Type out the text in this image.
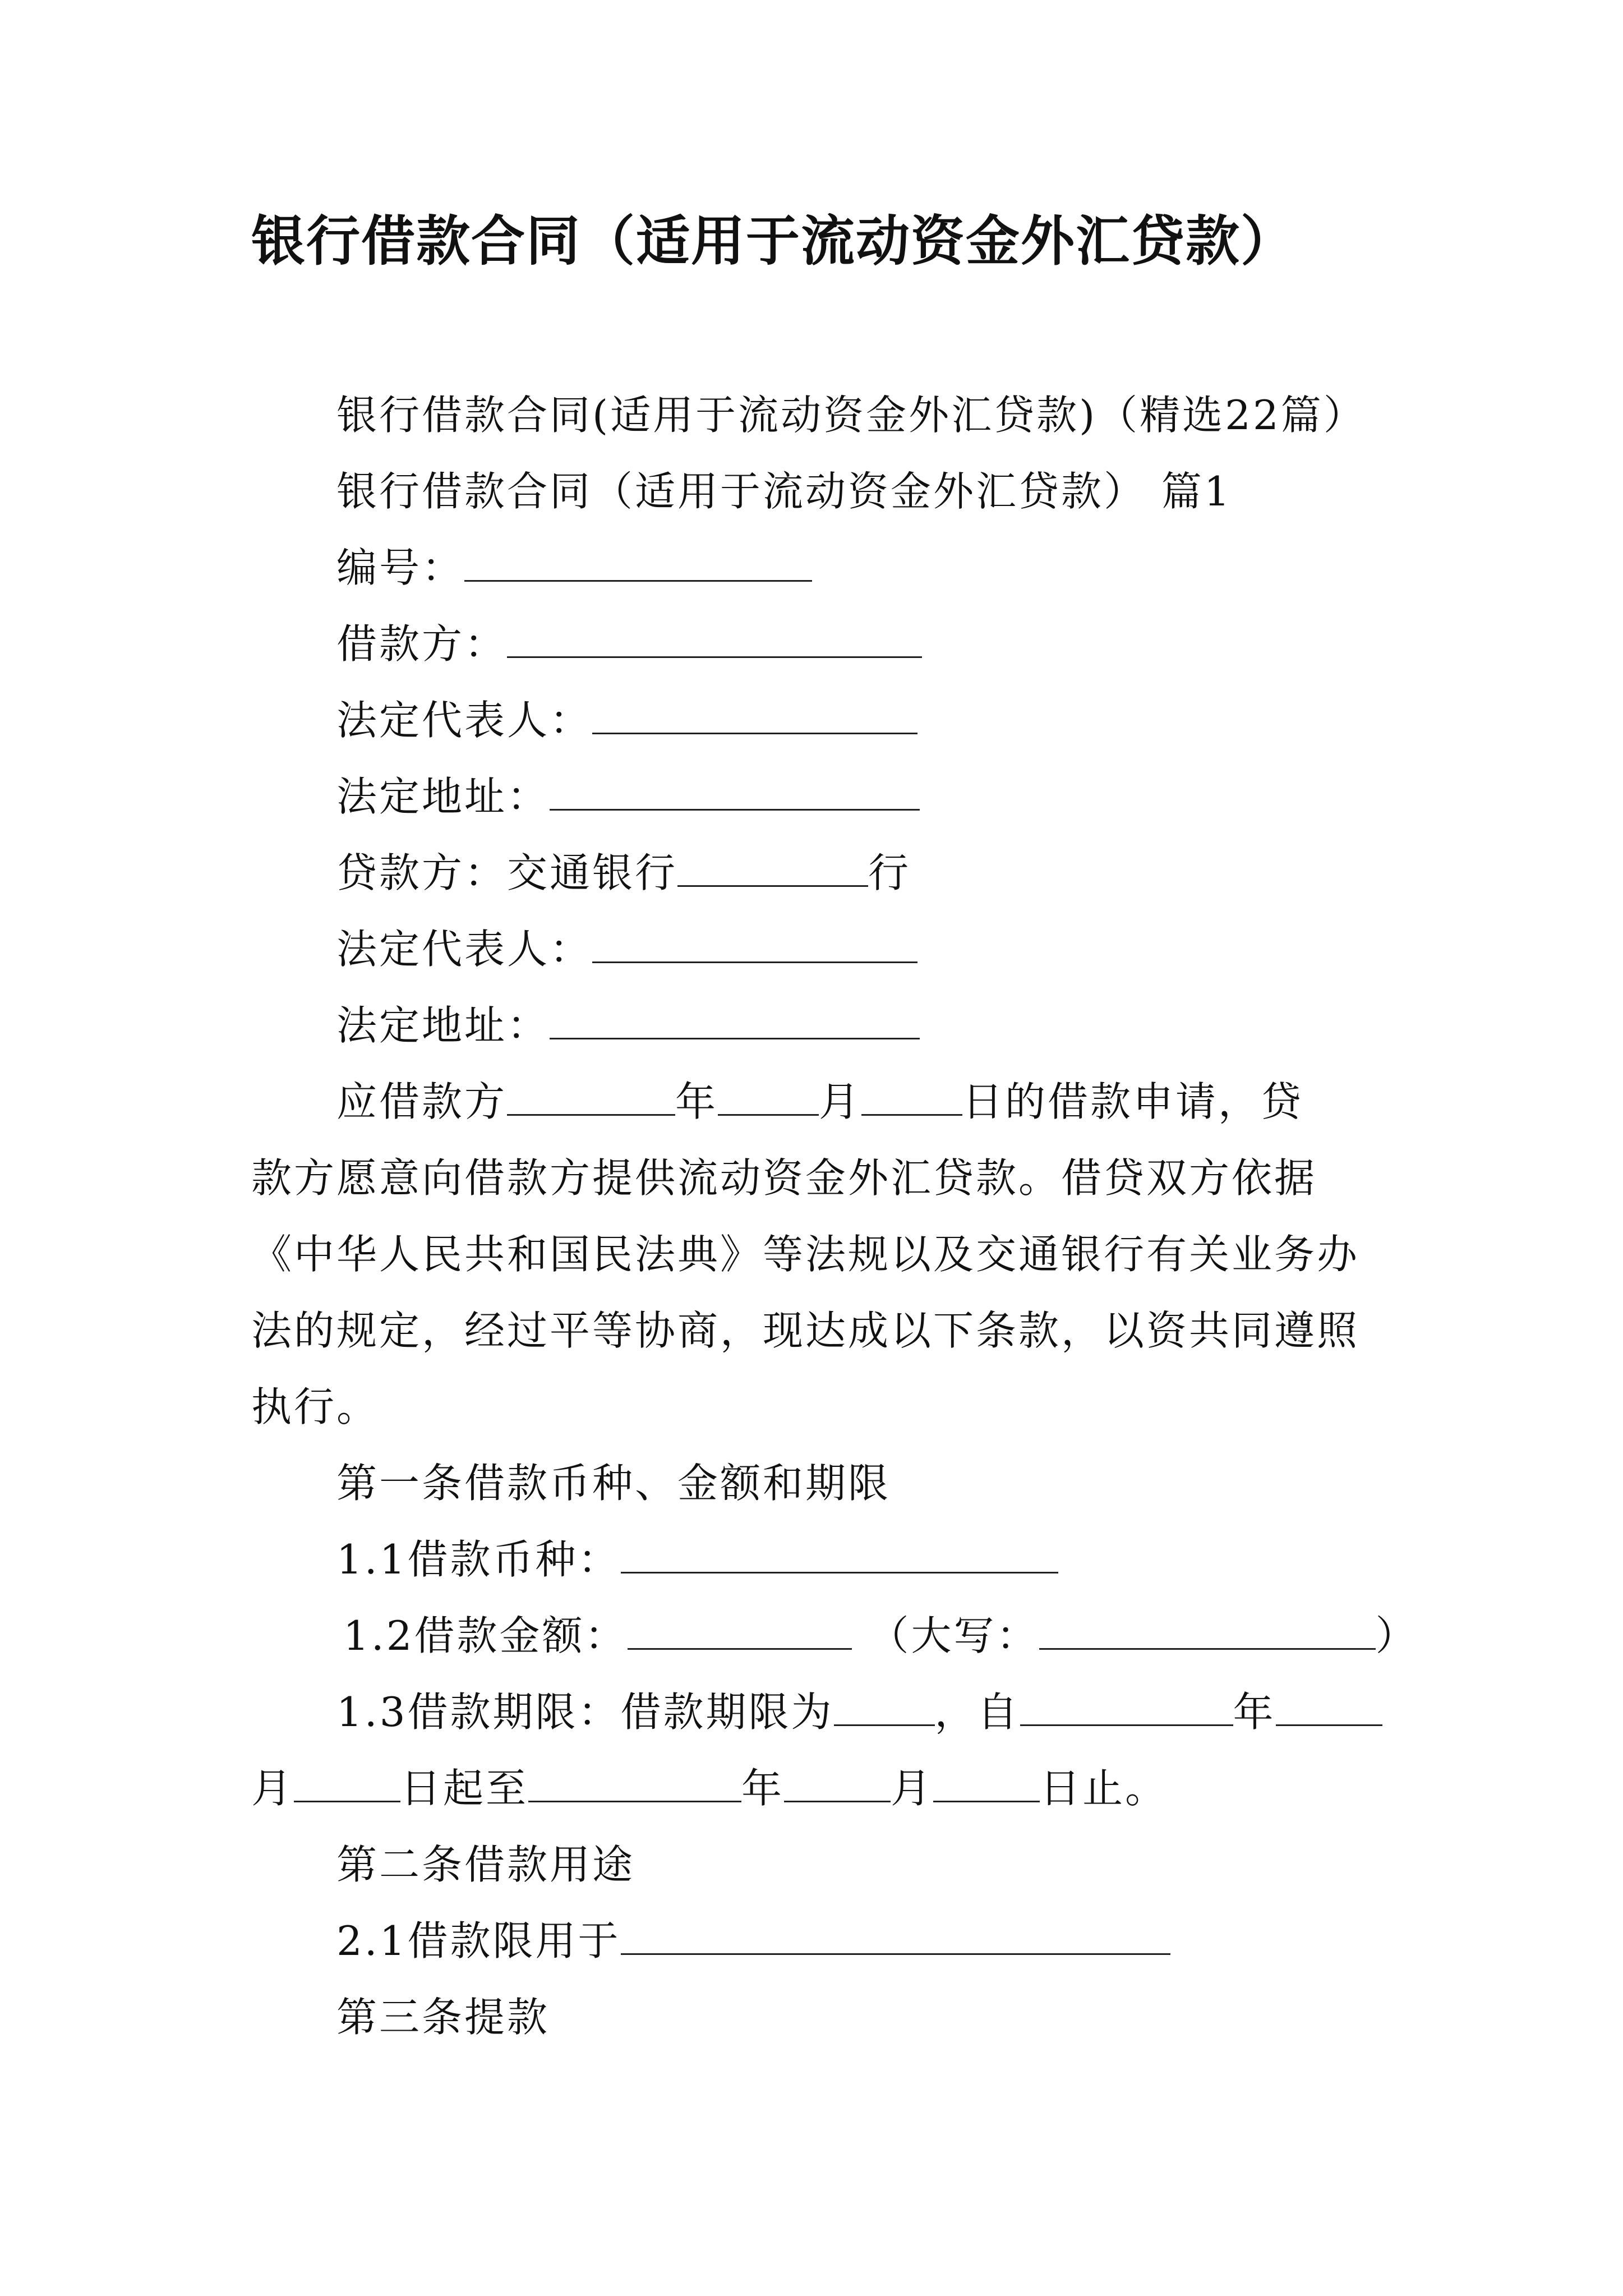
银行借款合同（适用于流动资金外汇贷款）
银行借款合同(适用于流动资金外汇贷款)（精选22篇）
银行借款合同（适用于流动资金外汇贷款） 篇1
编号：
借款方：
法定代表人：
法定地址：
贷款方：交通银行	行
法定代表人：
法定地址：
应借款方	年	月	日的借款申请，贷
款方愿意向借款方提供流动资金外汇贷款。借贷双方依据
《中华人民共和国民法典》等法规以及交通银行有关业务办
法的规定，经过平等协商，现达成以下条款，以资共同遵照
执行。
第一条借款币种、金额和期限
1.1借款币种：
1.2借款金额：	（大写：	）
1.3借款期限：借款期限为	，自	年
月	日起至	年	月	日止。
第二条借款用途
2.1借款限用于
第三条提款
